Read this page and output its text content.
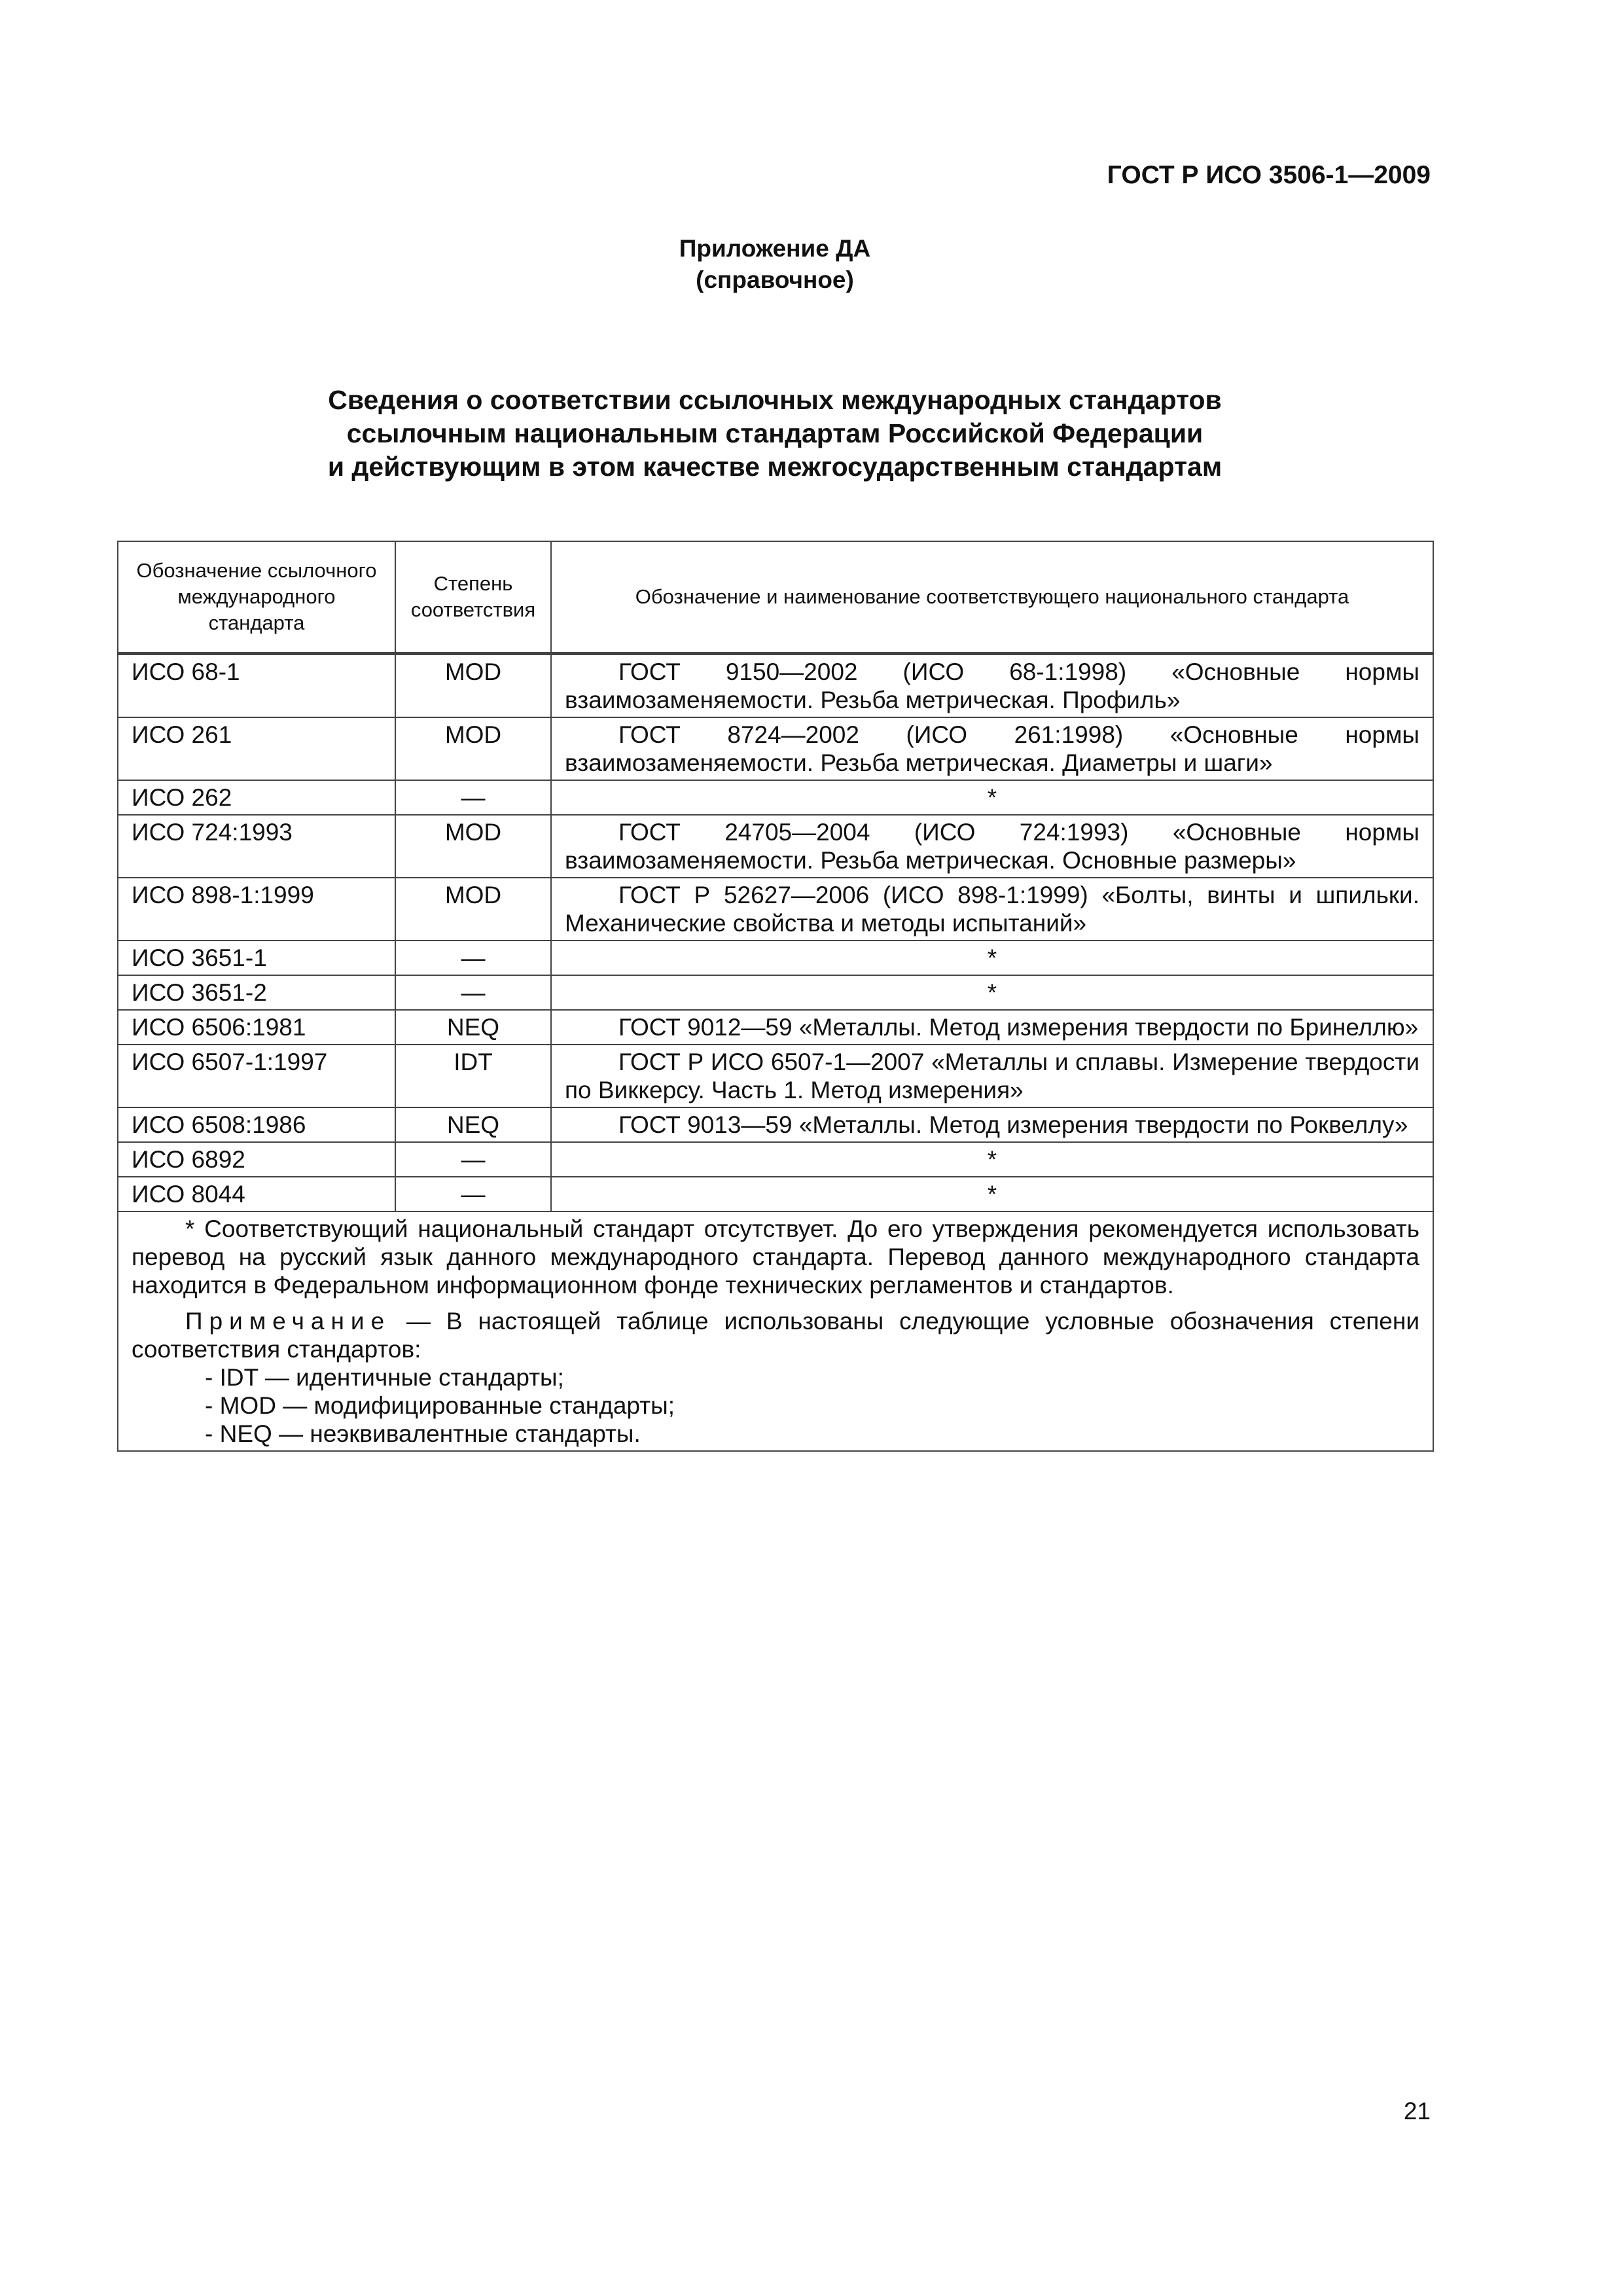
ГОСТ Р ИСО 3506-1—2009
Приложение ДА
(справочное)
Сведения о соответствии ссылочных международных стандартов
ссылочным национальным стандартам Российской Федерации
и действующим в этом качестве межгосударственным стандартам
Обозначение ссылочного международного стандарта	Степень соответствия	Обозначение и наименование соответствующего национального стандарта
ИСО 68-1	MOD	ГОСТ 9150—2002 (ИСО 68-1:1998) «Основные нормы взаимозаменяемости. Резьба метрическая. Профиль»
ИСО 261	MOD	ГОСТ 8724—2002 (ИСО 261:1998) «Основные нормы взаимозаменяемости. Резьба метрическая. Диаметры и шаги»
ИСО 262	—	*
ИСО 724:1993	MOD	ГОСТ 24705—2004 (ИСО 724:1993) «Основные нормы взаимозаменяемости. Резьба метрическая. Основные размеры»
ИСО 898-1:1999	MOD	ГОСТ Р 52627—2006 (ИСО 898-1:1999) «Болты, винты и шпильки. Механические свойства и методы испытаний»
ИСО 3651-1	—	*
ИСО 3651-2	—	*
ИСО 6506:1981	NEQ	ГОСТ 9012—59 «Металлы. Метод измерения твердости по Бринеллю»
ИСО 6507-1:1997	IDT	ГОСТ Р ИСО 6507-1—2007 «Металлы и сплавы. Измерение твердости по Виккерсу. Часть 1. Метод измерения»
ИСО 6508:1986	NEQ	ГОСТ 9013—59 «Металлы. Метод измерения твердости по Роквеллу»
ИСО 6892	—	*
ИСО 8044	—	*

* Соответствующий национальный стандарт отсутствует. До его утверждения рекомендуется использовать перевод на русский язык данного международного стандарта. Перевод данного международного стандарта находится в Федеральном информационном фонде технических регламентов и стандартов.

Примечание — В настоящей таблице использованы следующие условные обозначения степени соответствия стандартов:

- IDT — идентичные стандарты;
- MOD — модифицированные стандарты;
- NEQ — неэквивалентные стандарты.		
21
